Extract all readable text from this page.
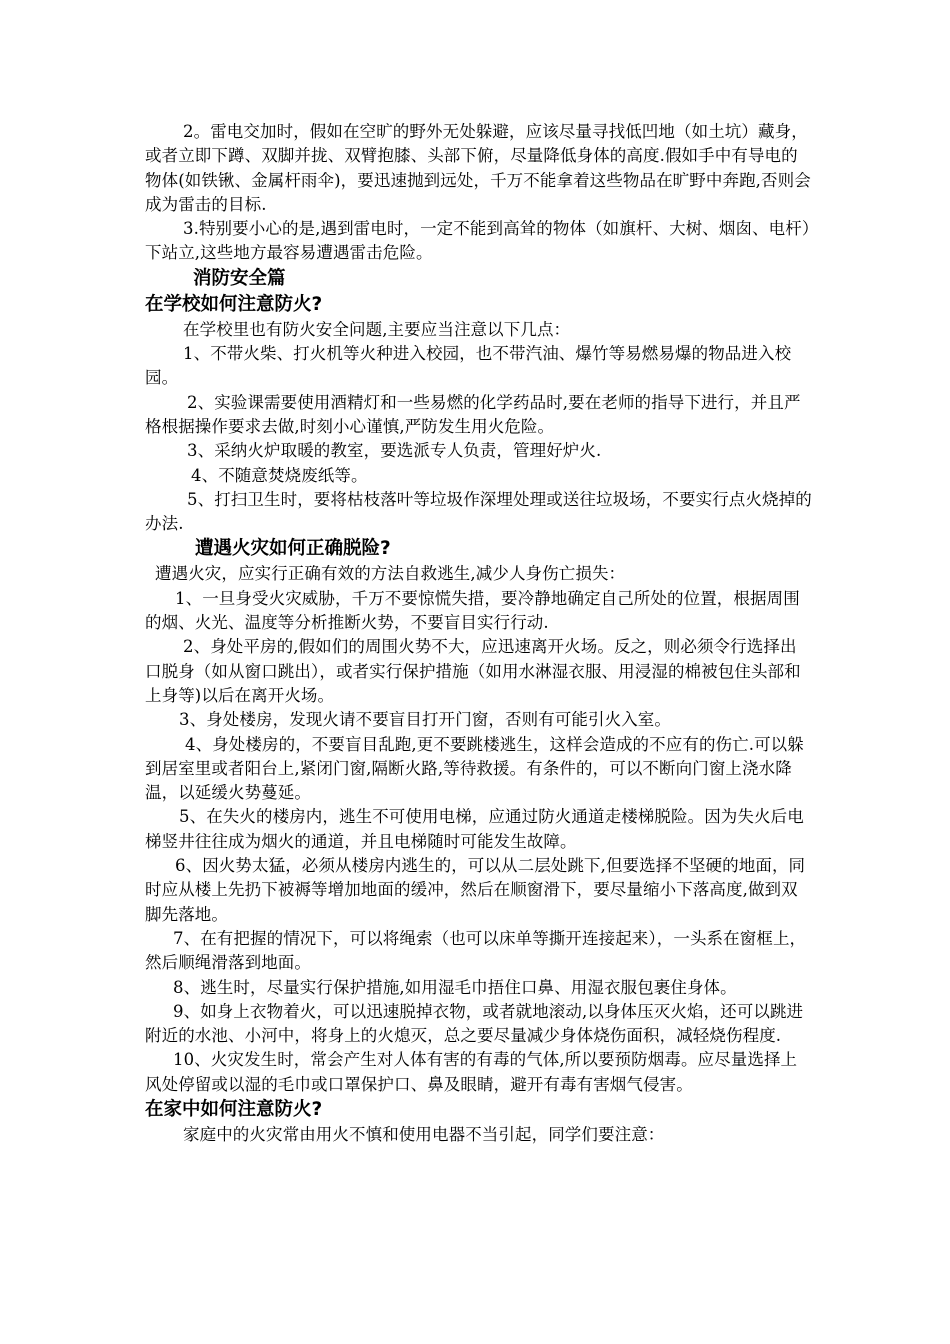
2。雷电交加时，假如在空旷的野外无处躲避，应该尽量寻找低凹地（如土坑）藏身，或者立即下蹲、双脚并拢、双臂抱膝、头部下俯，尽量降低身体的高度.假如手中有导电的物体(如铁锹、金属杆雨伞)，要迅速抛到远处，千万不能拿着这些物品在旷野中奔跑,否则会成为雷击的目标.

3.特别要小心的是,遇到雷电时，一定不能到高耸的物体（如旗杆、大树、烟囱、电杆）下站立,这些地方最容易遭遇雷击危险。

消防安全篇

在学校如何注意防火?

在学校里也有防火安全问题,主要应当注意以下几点：

1、不带火柴、打火机等火种进入校园，也不带汽油、爆竹等易燃易爆的物品进入校园。

2、实验课需要使用酒精灯和一些易燃的化学药品时,要在老师的指导下进行，并且严格根据操作要求去做,时刻小心谨慎,严防发生用火危险。

3、采纳火炉取暖的教室，要选派专人负责，管理好炉火.

4、不随意焚烧废纸等。

5、打扫卫生时，要将枯枝落叶等垃圾作深埋处理或送往垃圾场，不要实行点火烧掉的办法.

遭遇火灾如何正确脱险?

遭遇火灾，应实行正确有效的方法自救逃生,减少人身伤亡损失：

1、一旦身受火灾威胁，千万不要惊慌失措，要冷静地确定自己所处的位置，根据周围的烟、火光、温度等分析推断火势，不要盲目实行行动.

2、身处平房的,假如们的周围火势不大，应迅速离开火场。反之，则必须令行选择出口脱身（如从窗口跳出），或者实行保护措施（如用水淋湿衣服、用浸湿的棉被包住头部和上身等)以后在离开火场。

3、身处楼房，发现火请不要盲目打开门窗，否则有可能引火入室。

4、身处楼房的，不要盲目乱跑,更不要跳楼逃生，这样会造成的不应有的伤亡.可以躲到居室里或者阳台上,紧闭门窗,隔断火路,等待救援。有条件的，可以不断向门窗上浇水降温，以延缓火势蔓延。

5、在失火的楼房内，逃生不可使用电梯，应通过防火通道走楼梯脱险。因为失火后电梯竖井往往成为烟火的通道，并且电梯随时可能发生故障。

6、因火势太猛，必须从楼房内逃生的，可以从二层处跳下,但要选择不坚硬的地面，同时应从楼上先扔下被褥等增加地面的缓冲，然后在顺窗滑下，要尽量缩小下落高度,做到双脚先落地。

7、在有把握的情况下，可以将绳索（也可以床单等撕开连接起来），一头系在窗框上，然后顺绳滑落到地面。

8、逃生时，尽量实行保护措施,如用湿毛巾捂住口鼻、用湿衣服包裹住身体。

9、如身上衣物着火，可以迅速脱掉衣物，或者就地滚动,以身体压灭火焰，还可以跳进附近的水池、小河中，将身上的火熄灭，总之要尽量减少身体烧伤面积，减轻烧伤程度.

10、火灾发生时，常会产生对人体有害的有毒的气体,所以要预防烟毒。应尽量选择上风处停留或以湿的毛巾或口罩保护口、鼻及眼睛，避开有毒有害烟气侵害。

在家中如何注意防火?

家庭中的火灾常由用火不慎和使用电器不当引起，同学们要注意：
